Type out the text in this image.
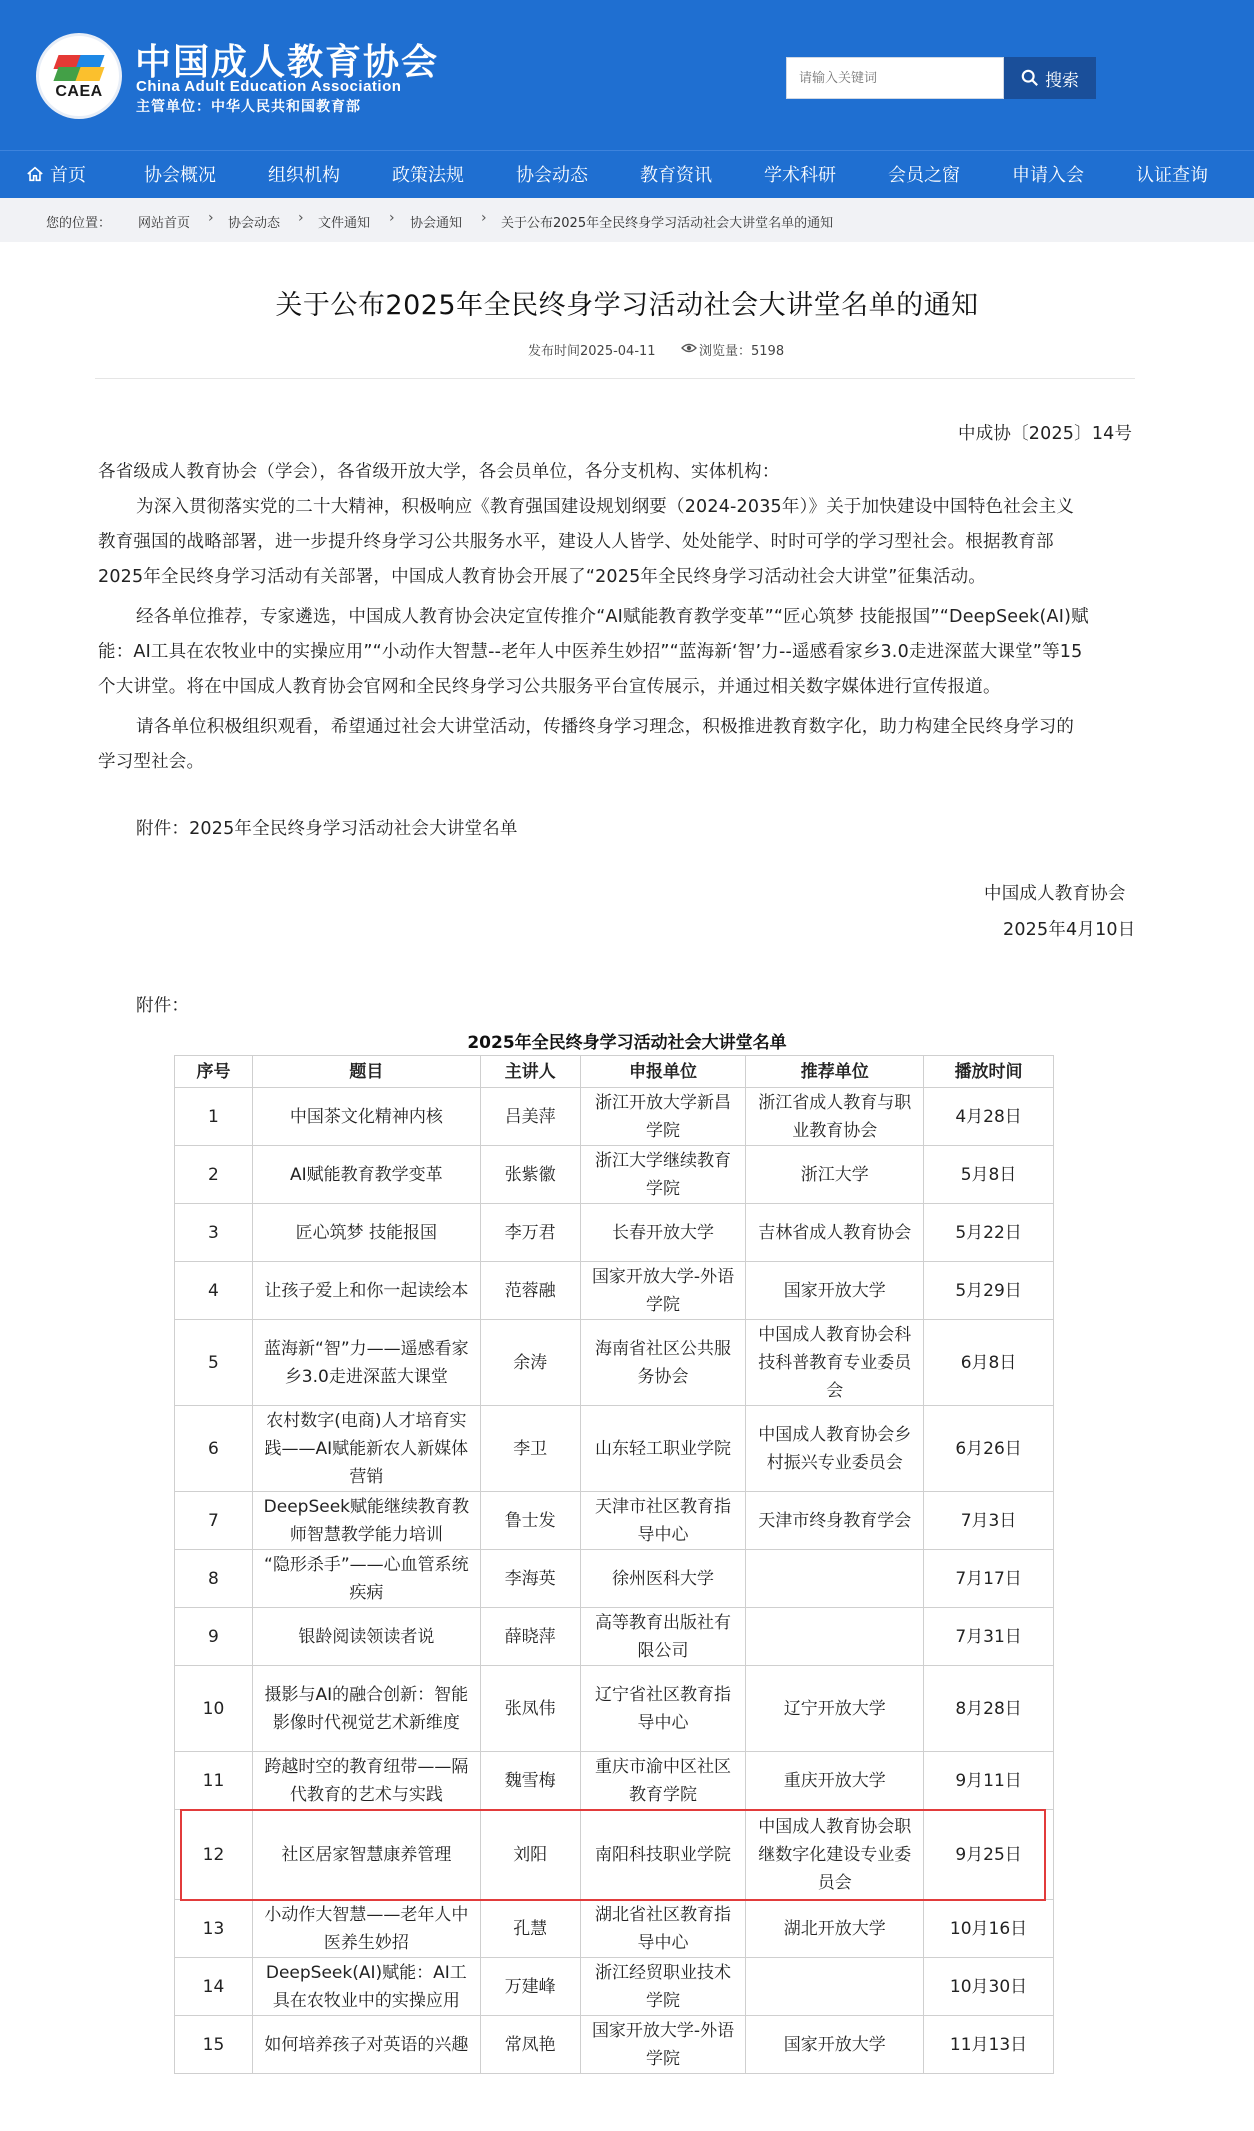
CAEA
中国成人教育协会
China Adult Education Association
主管单位：中华人民共和国教育部
请输入关键词
搜索
首页	协会概况	组织机构	政策法规	协会动态	教育资讯	学术科研	会员之窗	申请入会	认证查询
您的位置： 网站首页 › 协会动态 › 文件通知 › 协会通知 › 关于公布2025年全民终身学习活动社会大讲堂名单的通知
关于公布2025年全民终身学习活动社会大讲堂名单的通知
发布时间2025-04-11	浏览量：5198
中成协〔2025〕14号
各省级成人教育协会（学会），各省级开放大学，各会员单位，各分支机构、实体机构：
为深入贯彻落实党的二十大精神，积极响应《教育强国建设规划纲要（2024-2035年）》关于加快建设中国特色社会主义
教育强国的战略部署，进一步提升终身学习公共服务水平，建设人人皆学、处处能学、时时可学的学习型社会。根据教育部
2025年全民终身学习活动有关部署，中国成人教育协会开展了“2025年全民终身学习活动社会大讲堂”征集活动。
经各单位推荐，专家遴选，中国成人教育协会决定宣传推介“AI赋能教育教学变革”“匠心筑梦 技能报国”“DeepSeek(AI)赋
能：AI工具在农牧业中的实操应用”“小动作大智慧--老年人中医养生妙招”“蓝海新‘智’力--遥感看家乡3.0走进深蓝大课堂”等15
个大讲堂。将在中国成人教育协会官网和全民终身学习公共服务平台宣传展示，并通过相关数字媒体进行宣传报道。
请各单位积极组织观看，希望通过社会大讲堂活动，传播终身学习理念，积极推进教育数字化，助力构建全民终身学习的
学习型社会。
附件：2025年全民终身学习活动社会大讲堂名单
中国成人教育协会
2025年4月10日
附件：
2025年全民终身学习活动社会大讲堂名单
序号	题目	主讲人	申报单位	推荐单位	播放时间
1	中国茶文化精神内核	吕美萍	浙江开放大学新昌学院	浙江省成人教育与职业教育协会	4月28日
2	AI赋能教育教学变革	张紫徽	浙江大学继续教育学院	浙江大学	5月8日
3	匠心筑梦 技能报国	李万君	长春开放大学	吉林省成人教育协会	5月22日
4	让孩子爱上和你一起读绘本	范蓉融	国家开放大学-外语学院	国家开放大学	5月29日
5	蓝海新“智”力——遥感看家乡3.0走进深蓝大课堂	余涛	海南省社区公共服务协会	中国成人教育协会科技科普教育专业委员会	6月8日
6	农村数字(电商)人才培育实践——AI赋能新农人新媒体营销	李卫	山东轻工职业学院	中国成人教育协会乡村振兴专业委员会	6月26日
7	DeepSeek赋能继续教育教师智慧教学能力培训	鲁士发	天津市社区教育指导中心	天津市终身教育学会	7月3日
8	“隐形杀手”——心血管系统疾病	李海英	徐州医科大学		7月17日
9	银龄阅读领读者说	薛晓萍	高等教育出版社有限公司		7月31日
10	摄影与AI的融合创新：智能影像时代视觉艺术新维度	张凤伟	辽宁省社区教育指导中心	辽宁开放大学	8月28日
11	跨越时空的教育纽带——隔代教育的艺术与实践	魏雪梅	重庆市渝中区社区教育学院	重庆开放大学	9月11日
12	社区居家智慧康养管理	刘阳	南阳科技职业学院	中国成人教育协会职继数字化建设专业委员会	9月25日
13	小动作大智慧——老年人中医养生妙招	孔慧	湖北省社区教育指导中心	湖北开放大学	10月16日
14	DeepSeek(AI)赋能：AI工具在农牧业中的实操应用	万建峰	浙江经贸职业技术学院		10月30日
15	如何培养孩子对英语的兴趣	常凤艳	国家开放大学-外语学院	国家开放大学	11月13日
